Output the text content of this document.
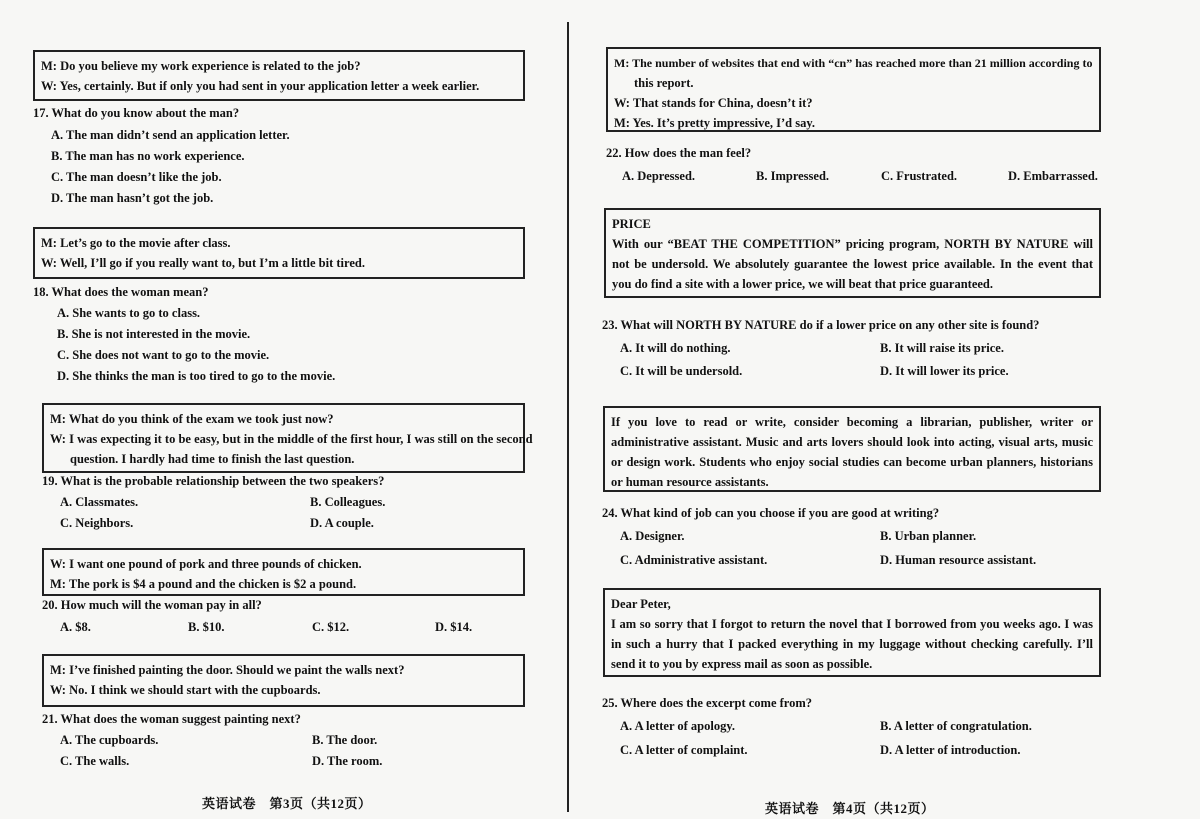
M: Do you believe my work experience is related to the job?
W: Yes, certainly. But if only you had sent in your application letter a week earlier.
17. What do you know about the man?
A. The man didn’t send an application letter.
B. The man has no work experience.
C. The man doesn’t like the job.
D. The man hasn’t got the job.
M: Let’s go to the movie after class.
W: Well, I’ll go if you really want to, but I’m a little bit tired.
18. What does the woman mean?
A. She wants to go to class.
B. She is not interested in the movie.
C. She does not want to go to the movie.
D. She thinks the man is too tired to go to the movie.
M: What do you think of the exam we took just now?
W: I was expecting it to be easy, but in the middle of the first hour, I was still on the second
question. I hardly had time to finish the last question.
19. What is the probable relationship between the two speakers?
A. Classmates.	B. Colleagues.
C. Neighbors.	D. A couple.
W: I want one pound of pork and three pounds of chicken.
M: The pork is $4 a pound and the chicken is $2 a pound.
20. How much will the woman pay in all?
A. $8.	B. $10.	C. $12.	D. $14.
M: I’ve finished painting the door. Should we paint the walls next?
W: No. I think we should start with the cupboards.
21. What does the woman suggest painting next?
A. The cupboards.	B. The door.
C. The walls.	D. The room.
英语试卷　第3页（共12页）
M: The number of websites that end with “cn” has reached more than 21 million according to
this report.
W: That stands for China, doesn’t it?
M: Yes. It’s pretty impressive, I’d say.
22. How does the man feel?
A. Depressed.	B. Impressed.	C. Frustrated.	D. Embarrassed.
PRICE
With our “BEAT THE COMPETITION” pricing program, NORTH BY NATURE will not be undersold. We absolutely guarantee the lowest price available. In the event that you do find a site with a lower price, we will beat that price guaranteed.
23. What will NORTH BY NATURE do if a lower price on any other site is found?
A. It will do nothing.	B. It will raise its price.
C. It will be undersold.	D. It will lower its price.
If you love to read or write, consider becoming a librarian, publisher, writer or administrative assistant. Music and arts lovers should look into acting, visual arts, music or design work. Students who enjoy social studies can become urban planners, historians or human resource assistants.
24. What kind of job can you choose if you are good at writing?
A. Designer.	B. Urban planner.
C. Administrative assistant.	D. Human resource assistant.
Dear Peter,
I am so sorry that I forgot to return the novel that I borrowed from you weeks ago. I was in such a hurry that I packed everything in my luggage without checking carefully. I’ll send it to you by express mail as soon as possible.
25. Where does the excerpt come from?
A. A letter of apology.	B. A letter of congratulation.
C. A letter of complaint.	D. A letter of introduction.
英语试卷　第4页（共12页）
